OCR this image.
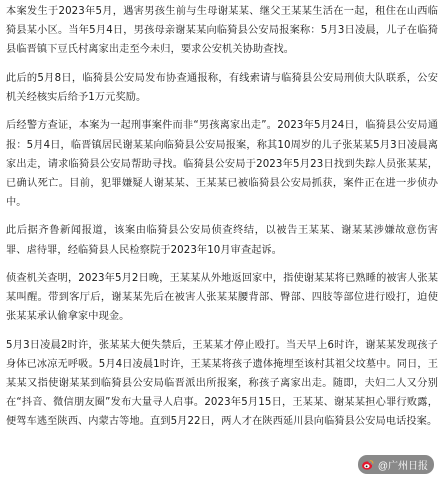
本案发生于2023年5月，遇害男孩生前与生母谢某某、继父王某某生活在一起，租住在山西临猗县某小区。当年5月4日，男孩母亲谢某某向临猗县公安局报案称：5月3日凌晨，儿子在临猗县临晋镇下豆氏村离家出走至今未归，要求公安机关协助查找。

此后的5月8日，临猗县公安局发布协查通报称，有线索请与临猗县公安局刑侦大队联系，公安机关经核实后给予1万元奖励。

后经警方查证，本案为一起刑事案件而非“男孩离家出走”。2023年5月24日，临猗县公安局通报：5月4日，临晋镇居民谢某某向临猗县公安局报案，称其10周岁的儿子张某某5月3日凌晨离家出走，请求临猗县公安局帮助寻找。临猗县公安局于2023年5月23日找到失踪人员张某某，已确认死亡。目前，犯罪嫌疑人谢某某、王某某已被临猗县公安局抓获，案件正在进一步侦办中。

此后据齐鲁新闻报道，该案由临猗县公安局侦查终结，以被告王某某、谢某某涉嫌故意伤害罪、虐待罪，经临猗县人民检察院于2023年10月审查起诉。

侦查机关查明，2023年5月2日晚，王某某从外地返回家中，指使谢某某将已熟睡的被害人张某某叫醒。带到客厅后，谢某某先后在被害人张某某腰背部、臀部、四肢等部位进行殴打，迫使张某某承认偷拿家中现金。

5月3日凌晨2时许，张某某大便失禁后，王某某才停止殴打。当天早上6时许，谢某某发现孩子身体已冰凉无呼吸。5月4日凌晨1时许，王某某将孩子遗体掩埋至该村其祖父坟墓中。同日，王某某又指使谢某某到临猗县公安局临晋派出所报案，称孩子离家出走。随即，夫妇二人又分别在“抖音、微信朋友圈”发布大量寻人启事。2023年5月15日，王某某、谢某某担心罪行败露，便驾车逃至陕西、内蒙古等地。直到5月22日，两人才在陕西延川县向临猗县公安局电话投案。

@广州日报
